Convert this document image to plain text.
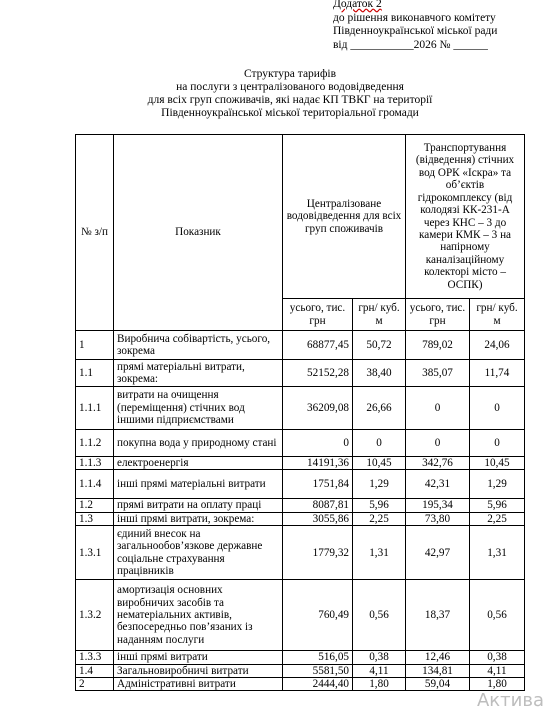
Додаток 2
до рішення виконавчого комітету
Південноукраїнської міської ради
від ___________2026 № ______
Структура тарифів
на послуги з централізованого водовідведення
для всіх груп споживачів, які надає КП ТВКГ на території
Південноукраїнської міської територіальної громади
№ з/п	Показник	Централізоване водовідведення для всіх груп споживачів		Транспортування (відведення) стічних вод ОРК «Іскра» та об’єктів гідрокомплексу (від колодязі КК-231-А через КНС – 3 до камери КМК – 3 на напірному каналізаційному колекторі місто – ОСПК)	
		усього, тис. грн	грн/ куб. м	усього, тис. грн	грн/ куб. м
1	Виробнича собівартість, усього, зокрема	68877,45	50,72	789,02	24,06
1.1	прямі матеріальні витрати, зокрема:	52152,28	38,40	385,07	11,74
1.1.1	витрати на очищення (переміщення) стічних вод іншими підприємствами	36209,08	26,66	0	0
1.1.2	покупна вода у природному стані	0	0	0	0
1.1.3	електроенергія	14191,36	10,45	342,76	10,45
1.1.4	інші прямі матеріальні витрати	1751,84	1,29	42,31	1,29
1.2	прямі витрати на оплату праці	8087,81	5,96	195,34	5,96
1.3	інші прямі витрати, зокрема:	3055,86	2,25	73,80	2,25
1.3.1	єдиний внесок на загальнообов’язкове державне соціальне страхування працівників	1779,32	1,31	42,97	1,31
1.3.2	амортизація основних виробничих засобів та нематеріальних активів, безпосередньо пов’язаних із наданням послуги	760,49	0,56	18,37	0,56
1.3.3	інші прямі витрати	516,05	0,38	12,46	0,38
1.4	Загальновиробничі витрати	5581,50	4,11	134,81	4,11
2	Адміністративні витрати	2444,40	1,80	59,04	1,80
Актива
